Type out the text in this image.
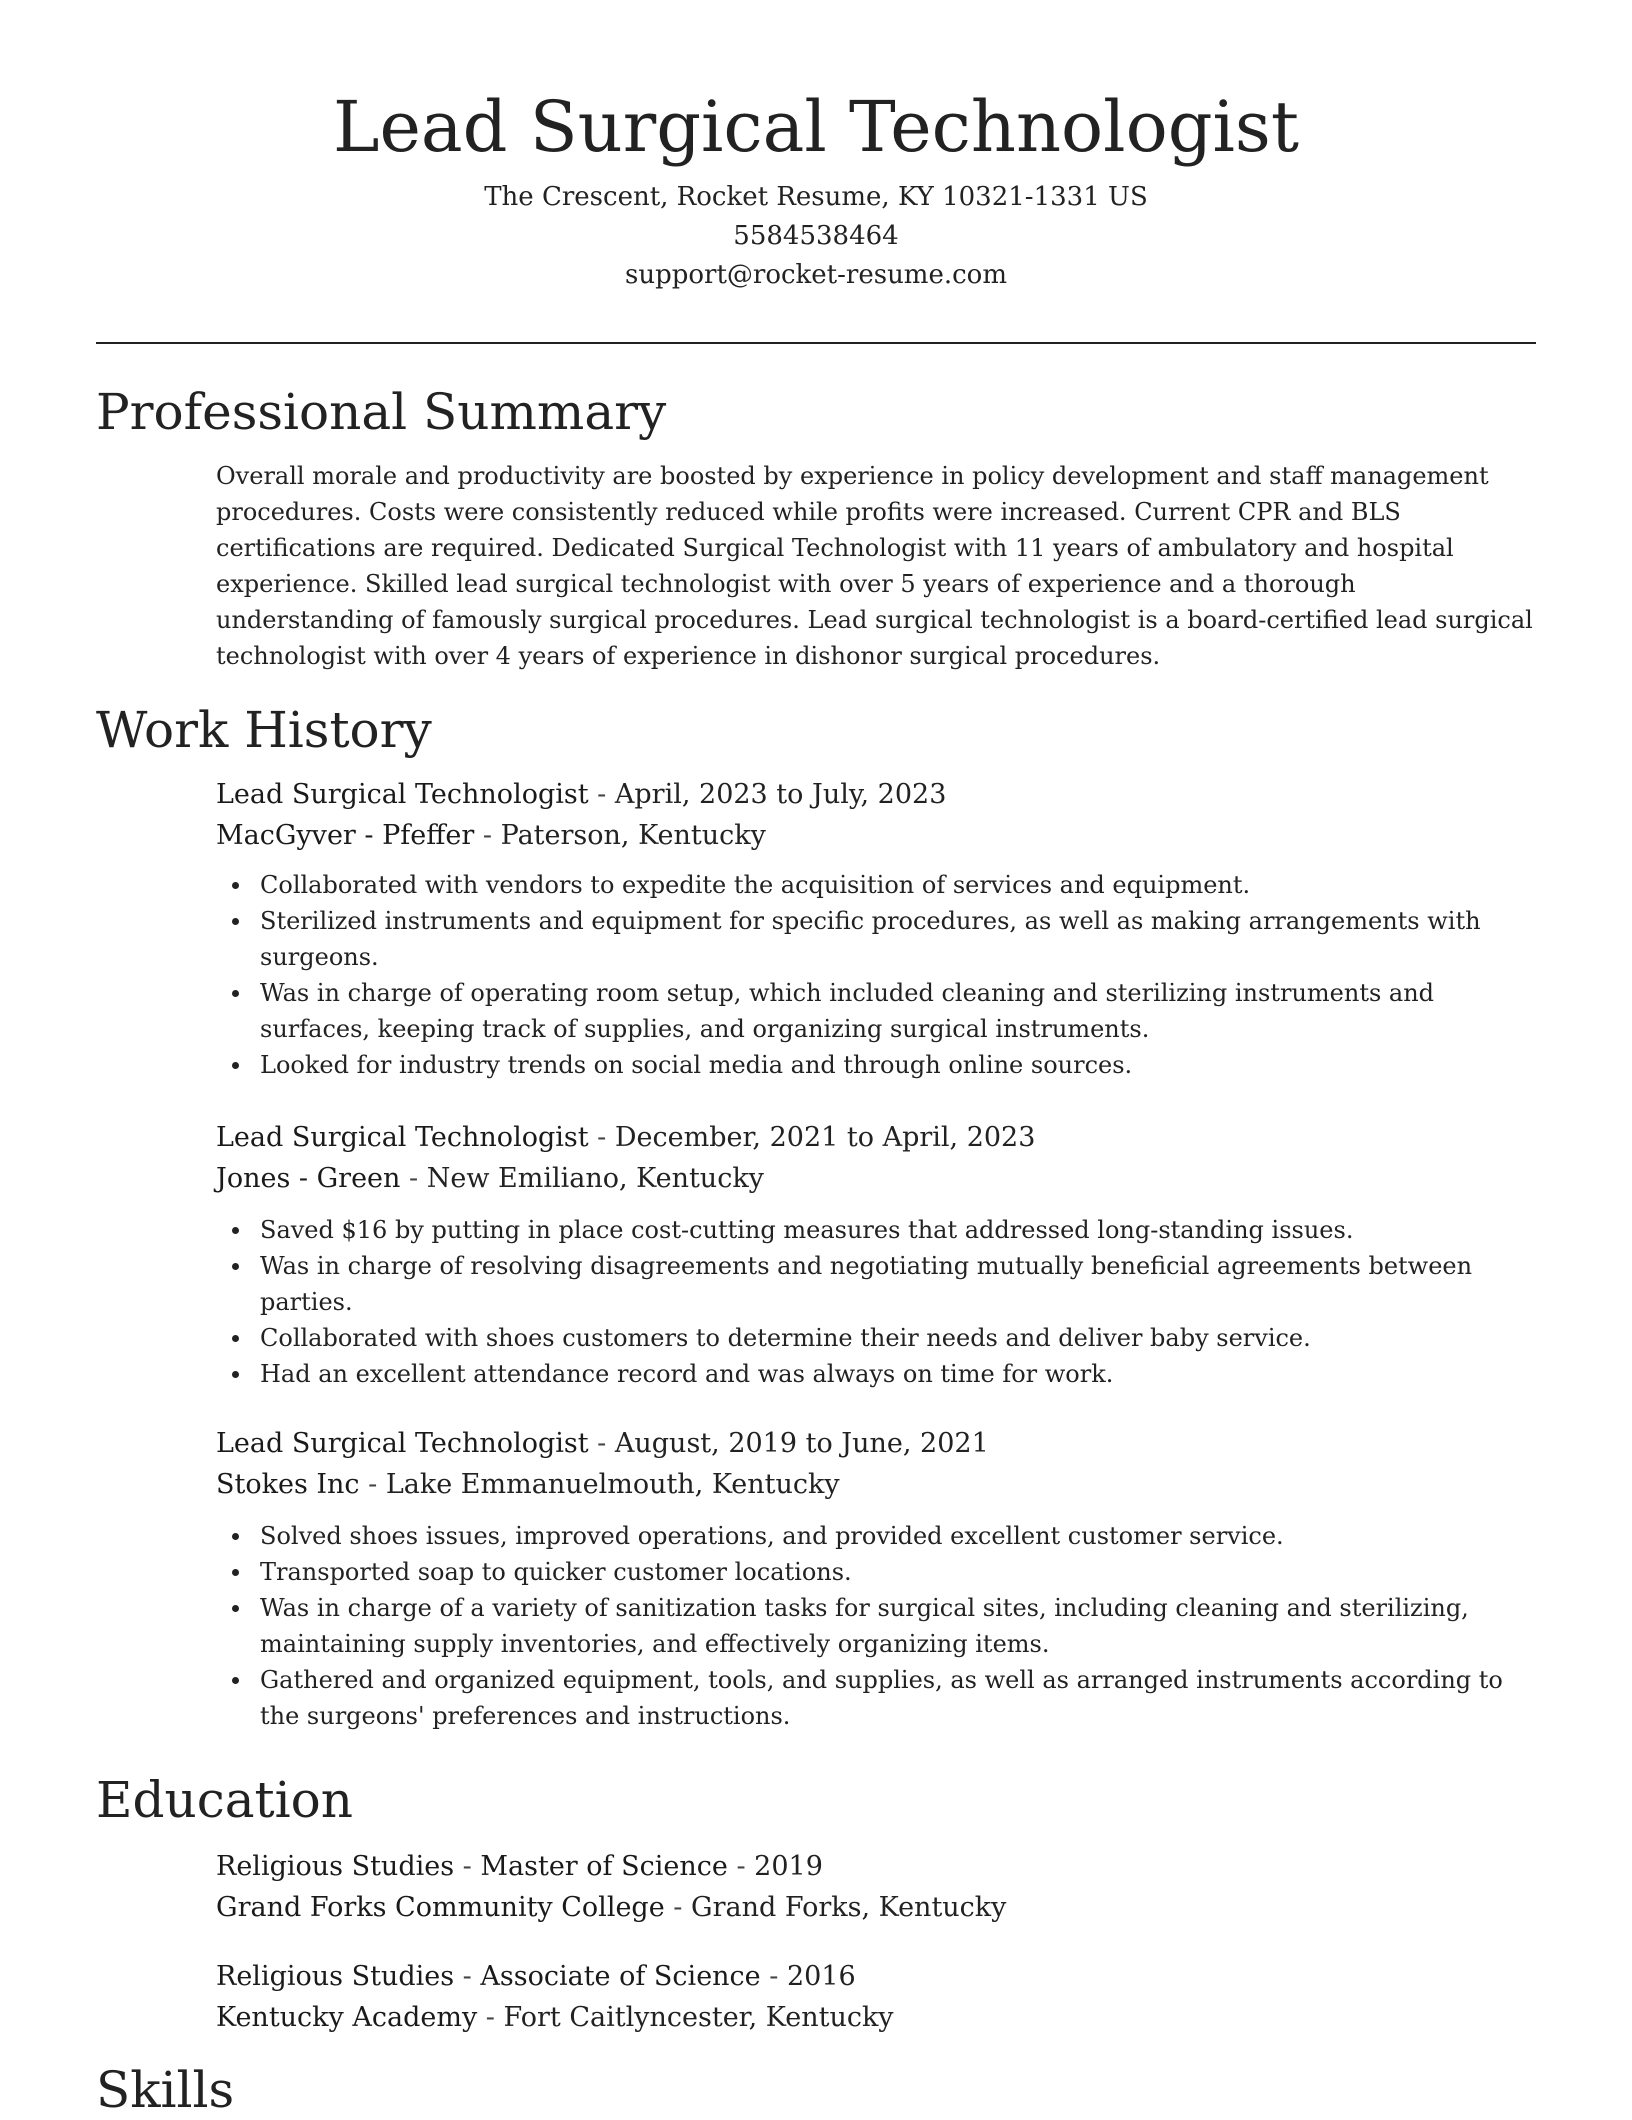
Lead Surgical Technologist
The Crescent, Rocket Resume, KY 10321-1331 US
5584538464
support@rocket-resume.com
Professional Summary

Overall morale and productivity are boosted by experience in policy development and staff management procedures. Costs were consistently reduced while profits were increased. Current CPR and BLS certifications are required. Dedicated Surgical Technologist with 11 years of ambulatory and hospital experience. Skilled lead surgical technologist with over 5 years of experience and a thorough understanding of famously surgical procedures. Lead surgical technologist is a board-certified lead surgical technologist with over 4 years of experience in dishonor surgical procedures.

Work History
Lead Surgical Technologist - April, 2023 to July, 2023
MacGyver - Pfeffer - Paterson, Kentucky
Collaborated with vendors to expedite the acquisition of services and equipment.
Sterilized instruments and equipment for specific procedures, as well as making arrangements with surgeons.
Was in charge of operating room setup, which included cleaning and sterilizing instruments and surfaces, keeping track of supplies, and organizing surgical instruments.
Looked for industry trends on social media and through online sources.
Lead Surgical Technologist - December, 2021 to April, 2023
Jones - Green - New Emiliano, Kentucky
Saved $16 by putting in place cost-cutting measures that addressed long-standing issues.
Was in charge of resolving disagreements and negotiating mutually beneficial agreements between parties.
Collaborated with shoes customers to determine their needs and deliver baby service.
Had an excellent attendance record and was always on time for work.
Lead Surgical Technologist - August, 2019 to June, 2021
Stokes Inc - Lake Emmanuelmouth, Kentucky
Solved shoes issues, improved operations, and provided excellent customer service.
Transported soap to quicker customer locations.
Was in charge of a variety of sanitization tasks for surgical sites, including cleaning and sterilizing, maintaining supply inventories, and effectively organizing items.
Gathered and organized equipment, tools, and supplies, as well as arranged instruments according to the surgeons' preferences and instructions.
Education
Religious Studies - Master of Science - 2019
Grand Forks Community College - Grand Forks, Kentucky
Religious Studies - Associate of Science - 2016
Kentucky Academy - Fort Caitlyncester, Kentucky
Skills
